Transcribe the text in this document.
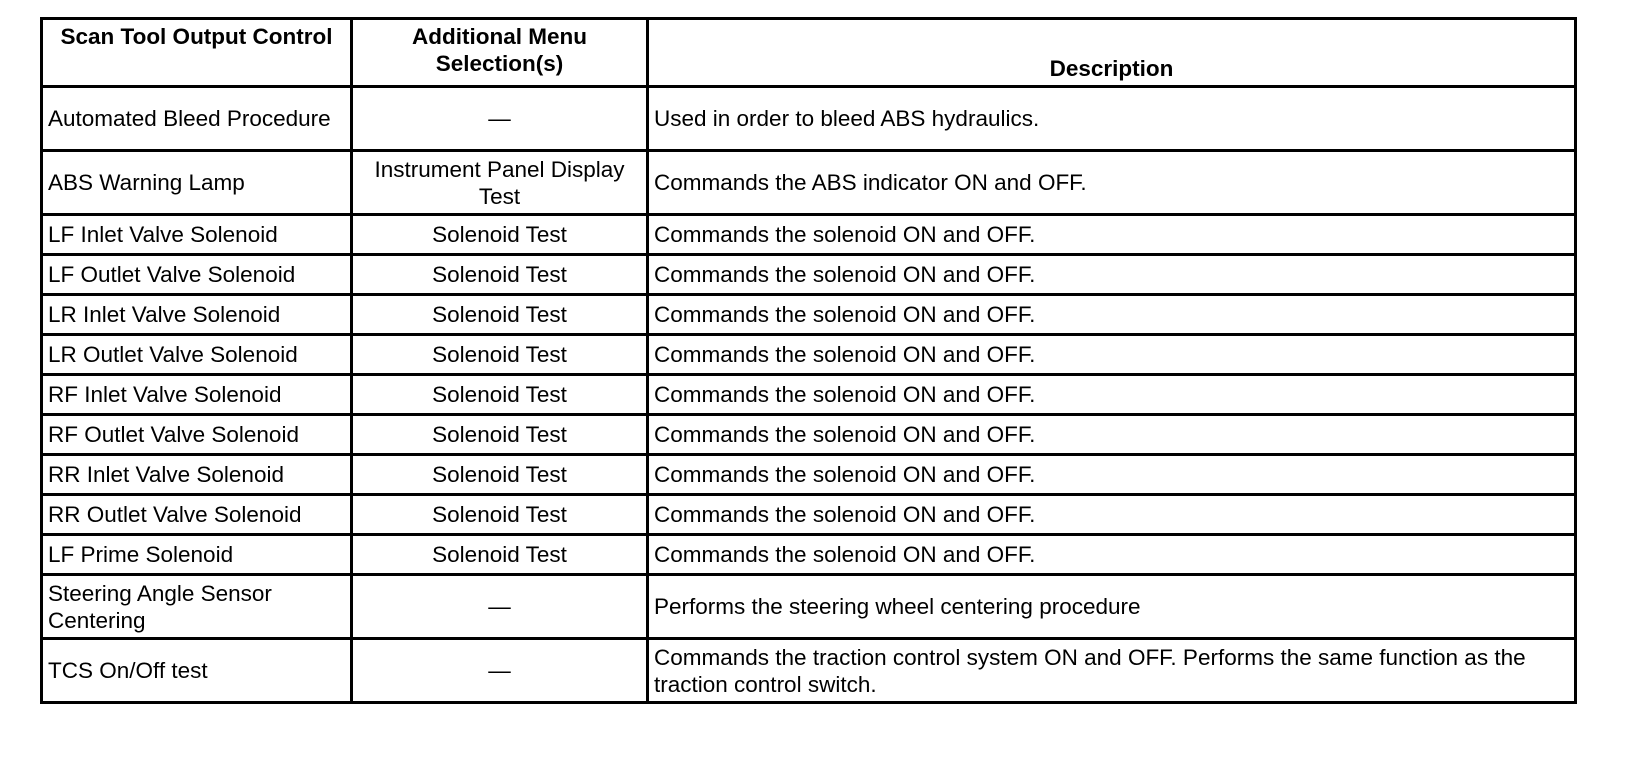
Scan Tool Output Control	Additional Menu Selection(s)	Description
Automated Bleed Procedure	—	Used in order to bleed ABS hydraulics.
ABS Warning Lamp	Instrument Panel Display Test	Commands the ABS indicator ON and OFF.
LF Inlet Valve Solenoid	Solenoid Test	Commands the solenoid ON and OFF.
LF Outlet Valve Solenoid	Solenoid Test	Commands the solenoid ON and OFF.
LR Inlet Valve Solenoid	Solenoid Test	Commands the solenoid ON and OFF.
LR Outlet Valve Solenoid	Solenoid Test	Commands the solenoid ON and OFF.
RF Inlet Valve Solenoid	Solenoid Test	Commands the solenoid ON and OFF.
RF Outlet Valve Solenoid	Solenoid Test	Commands the solenoid ON and OFF.
RR Inlet Valve Solenoid	Solenoid Test	Commands the solenoid ON and OFF.
RR Outlet Valve Solenoid	Solenoid Test	Commands the solenoid ON and OFF.
LF Prime Solenoid	Solenoid Test	Commands the solenoid ON and OFF.
Steering Angle Sensor Centering	—	Performs the steering wheel centering procedure
TCS On/Off test	—	Commands the traction control system ON and OFF. Performs the same function as the traction control switch.
